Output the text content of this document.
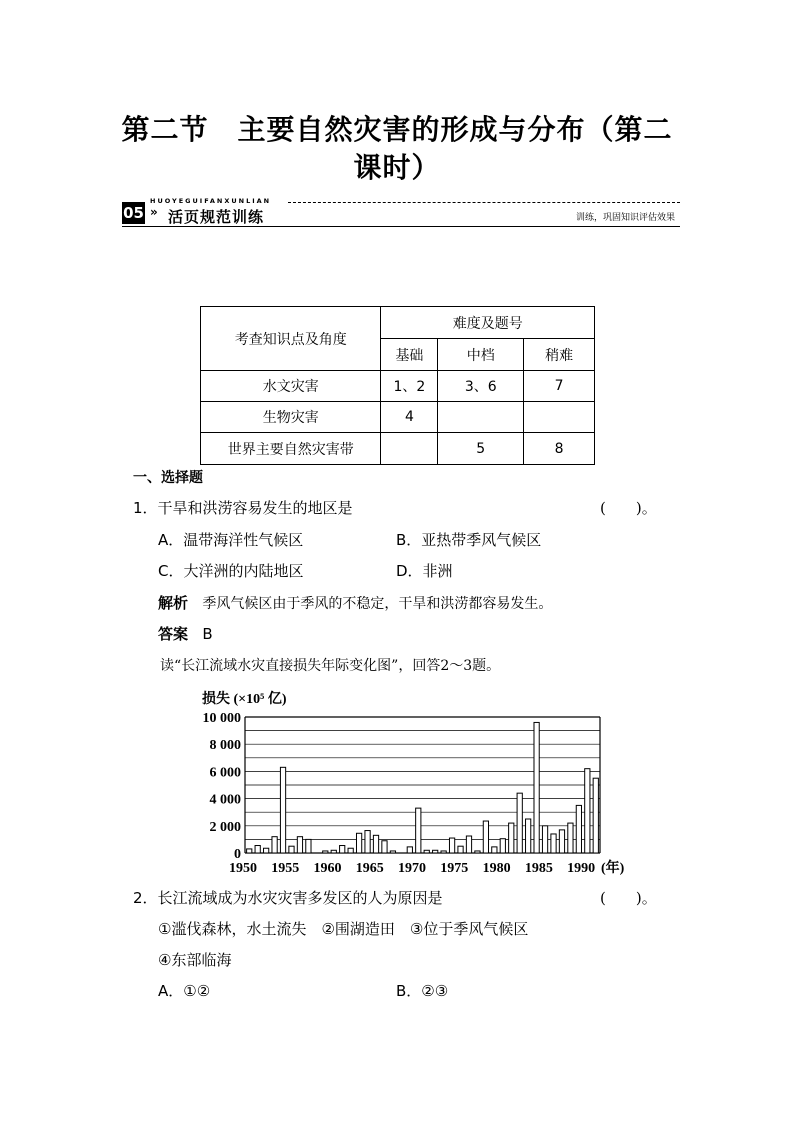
第二节　主要自然灾害的形成与分布（第二
课时）
HUOYEGUIFANXUNLIAN
05 » 活页规范训练	训练，巩固知识评估效果
考查知识点及角度	难度及题号		
	基础	中档	稍难
水文灾害	1、2	3、6	7
生物灾害	4		
世界主要自然灾害带		5	8
一、选择题
1．干旱和洪涝容易发生的地区是	(　　)。
A．温带海洋性气候区	B．亚热带季风气候区
C．大洋洲的内陆地区	D．非洲
解析 季风气候区由于季风的不稳定，干旱和洪涝都容易发生。
答案 B
读“长江流域水灾直接损失年际变化图”，回答2～3题。
损失 (×10⁵ 亿)
0
2 000
4 000
6 000
8 000
10 000
1950 1955 1960 1965 1970 1975 1980 1985 1990 (年)
2．长江流域成为水灾灾害多发区的人为原因是	(　　)。
①滥伐森林，水土流失　②围湖造田　③位于季风气候区
④东部临海
A．①②	B．②③
